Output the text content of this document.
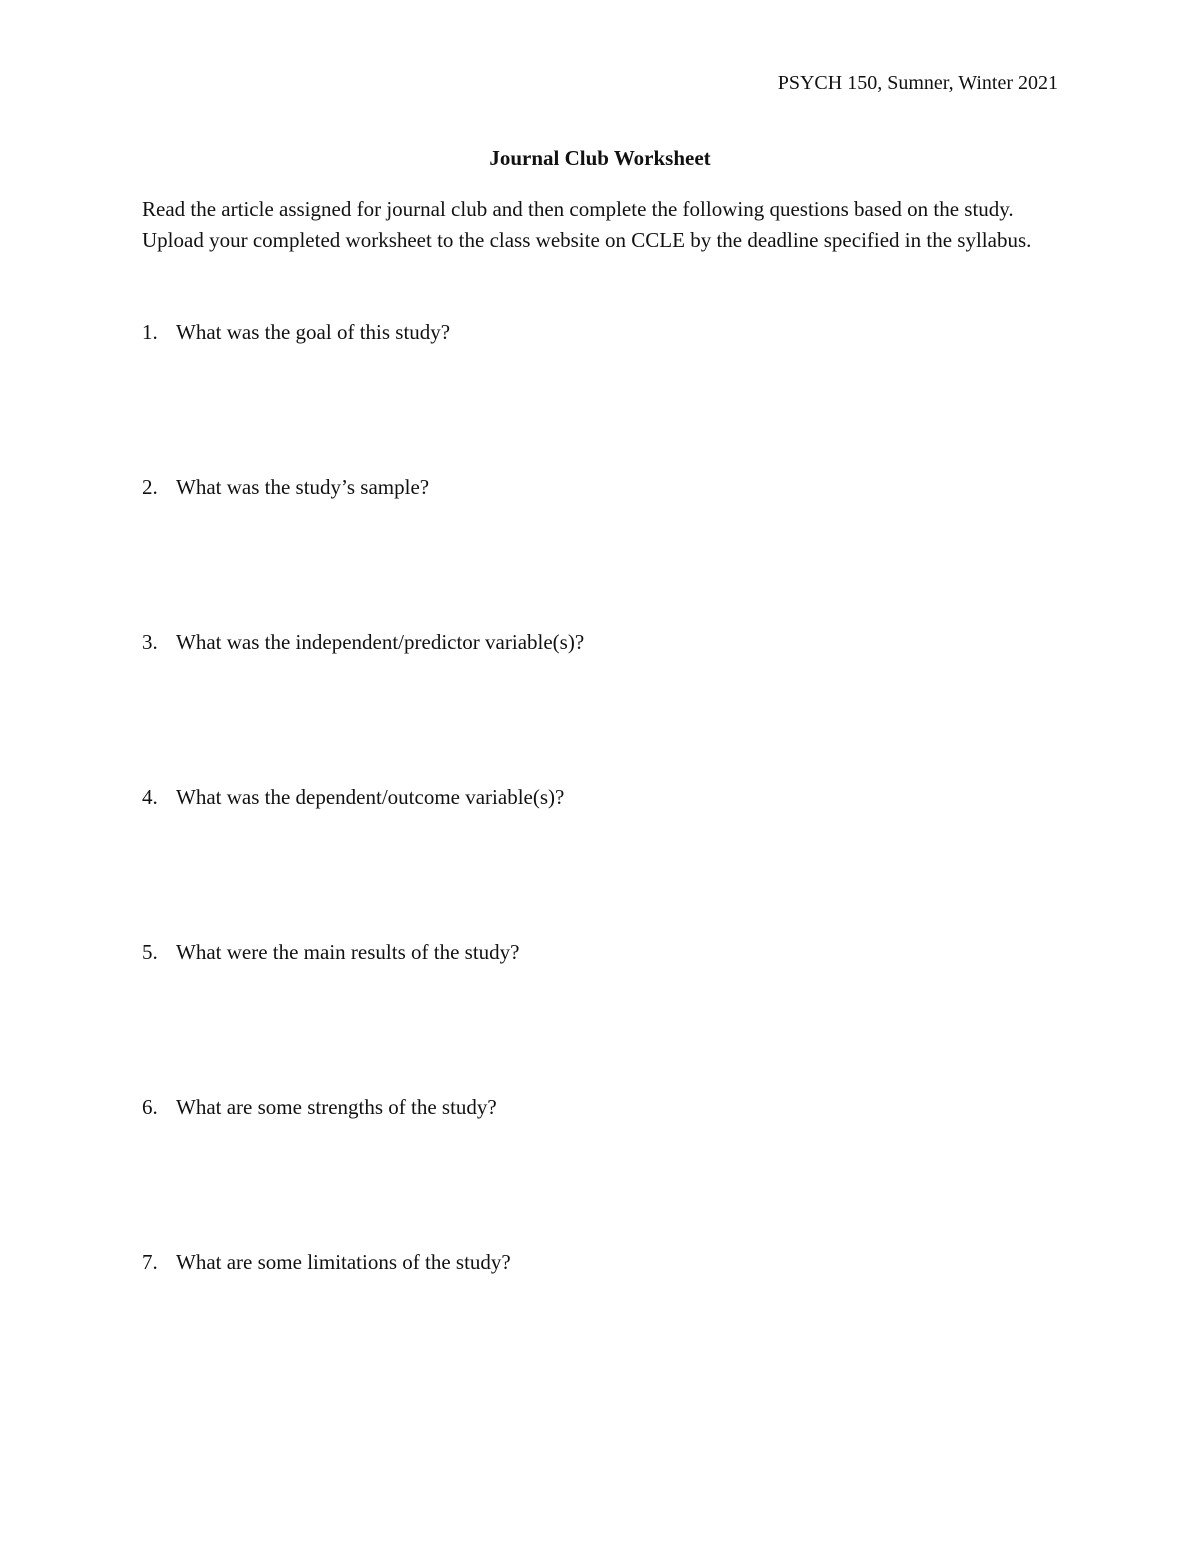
PSYCH 150, Sumner, Winter 2021
Journal Club Worksheet
Read the article assigned for journal club and then complete the following questions based on the study. Upload your completed worksheet to the class website on CCLE by the deadline specified in the syllabus.
1. What was the goal of this study?
2. What was the study’s sample?
3. What was the independent/predictor variable(s)?
4. What was the dependent/outcome variable(s)?
5. What were the main results of the study?
6. What are some strengths of the study?
7. What are some limitations of the study?
